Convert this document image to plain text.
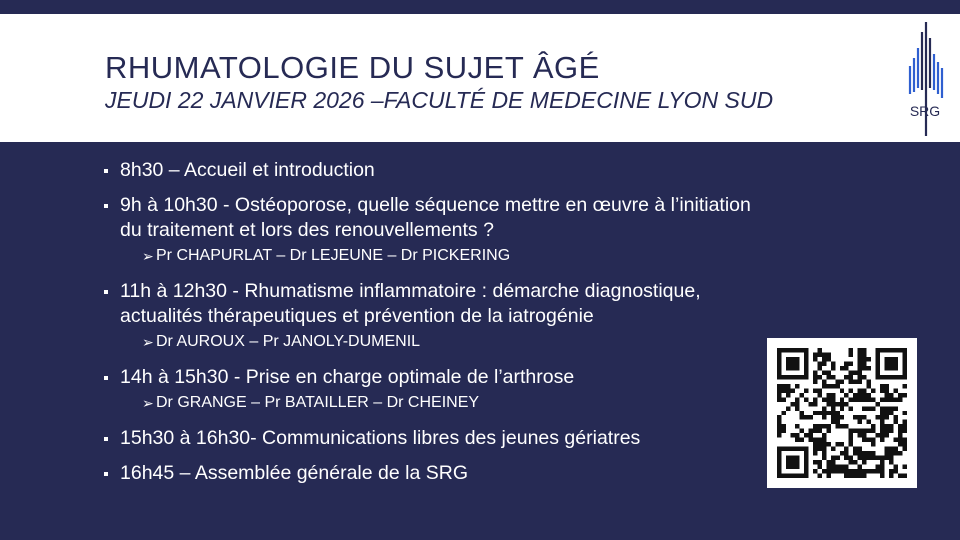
RHUMATOLOGIE DU SUJET ÂGÉ
JEUDI 22 JANVIER 2026 –FACULTÉ DE MEDECINE LYON SUD	SRG
8h30 – Accueil et introduction
9h à 10h30 - Ostéoporose, quelle séquence mettre en œuvre à l’initiation
du traitement et lors des renouvellements ?
➢ Pr CHAPURLAT – Dr LEJEUNE – Dr PICKERING
11h à 12h30 - Rhumatisme inflammatoire : démarche diagnostique,
actualités thérapeutiques et prévention de la iatrogénie
➢ Dr AUROUX – Pr JANOLY-DUMENIL
14h à 15h30 - Prise en charge optimale de l’arthrose
➢ Dr GRANGE – Pr BATAILLER – Dr CHEINEY
15h30 à 16h30- Communications libres des jeunes gériatres
16h45 – Assemblée générale de la SRG
